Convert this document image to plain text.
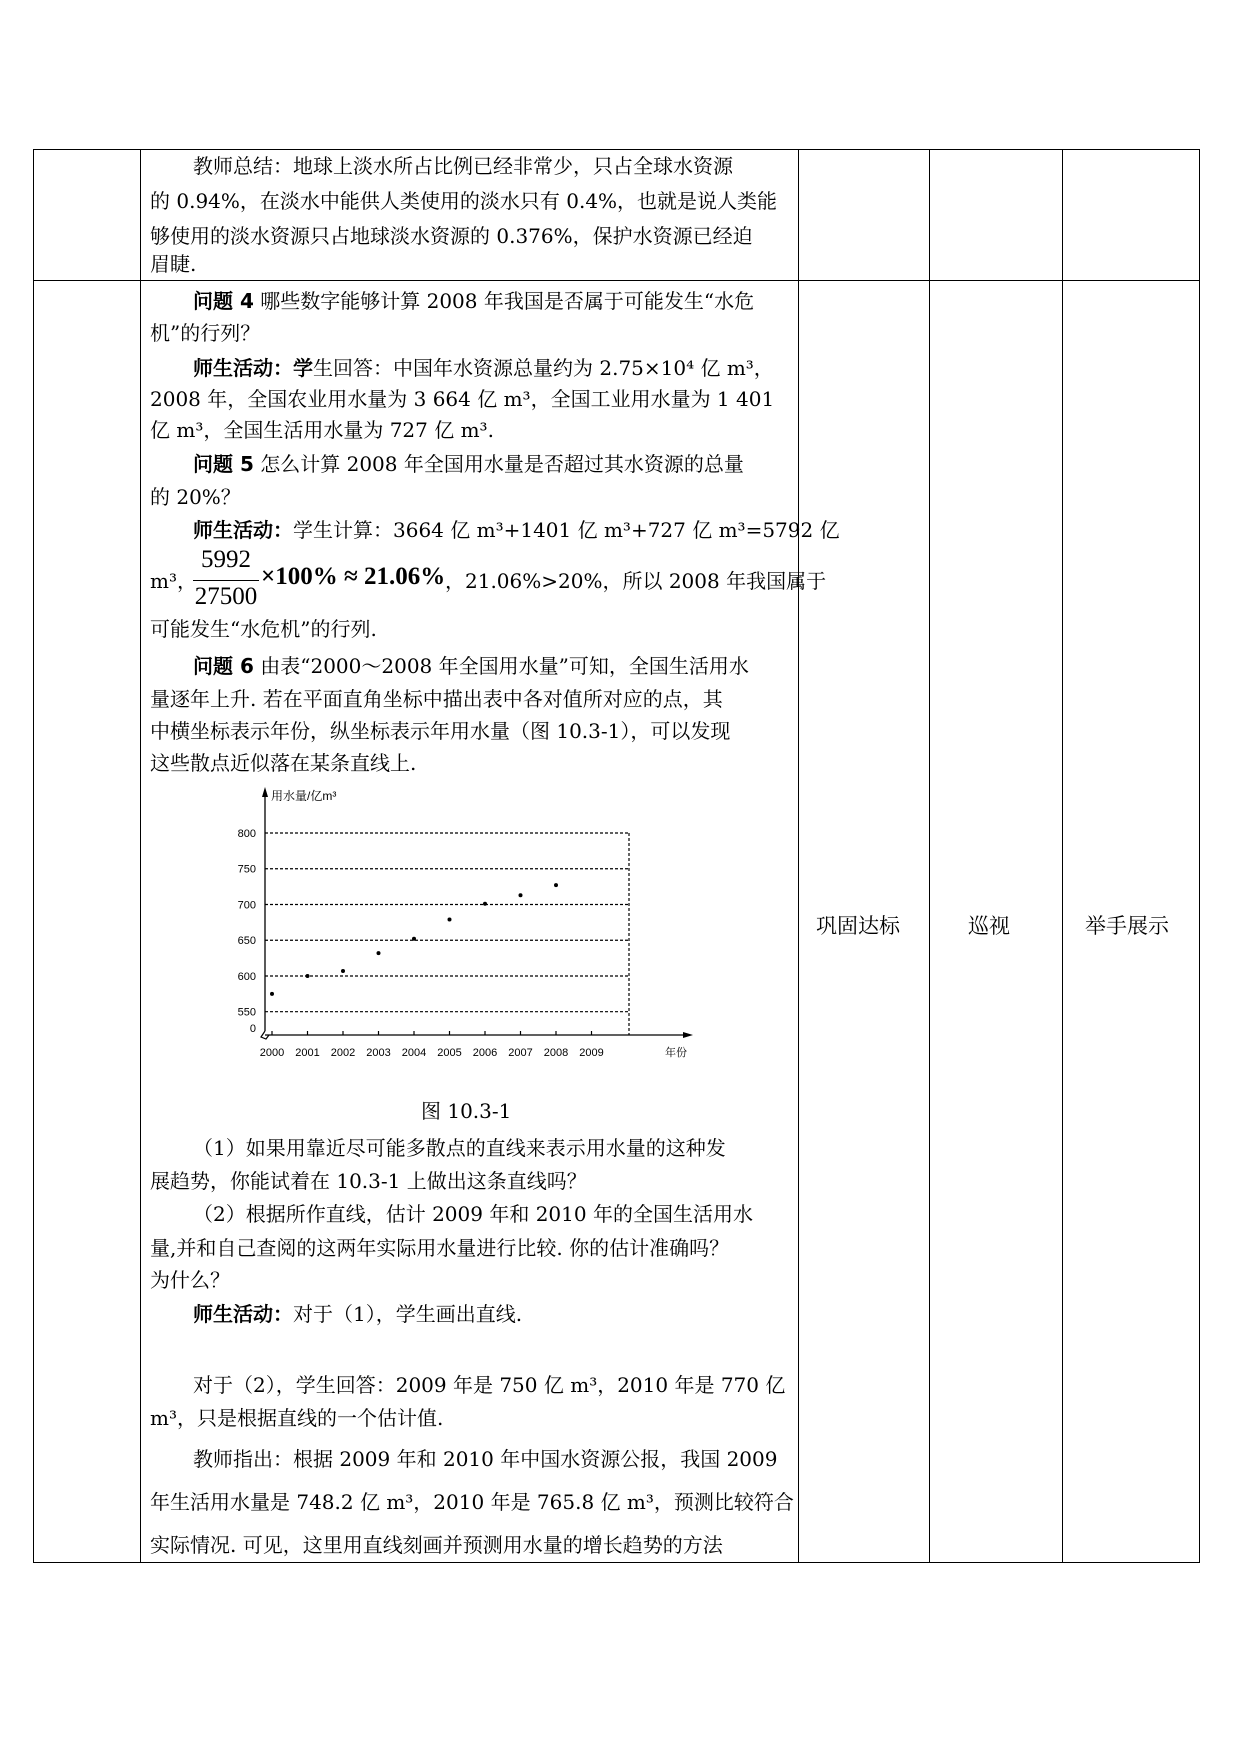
教师总结：地球上淡水所占比例已经非常少，只占全球水资源
的 0.94%，在淡水中能供人类使用的淡水只有 0.4%，也就是说人类能
够使用的淡水资源只占地球淡水资源的 0.376%，保护水资源已经迫
眉睫.
问题 4 哪些数字能够计算 2008 年我国是否属于可能发生“水危
机”的行列？
师生活动：学生回答：中国年水资源总量约为 2.75×10⁴ 亿 m³，
2008 年，全国农业用水量为 3 664 亿 m³，全国工业用水量为 1 401
亿 m³，全国生活用水量为 727 亿 m³.
问题 5 怎么计算 2008 年全国用水量是否超过其水资源的总量
的 20%？
师生活动：学生计算：3664 亿 m³+1401 亿 m³+727 亿 m³=5792 亿
m³，
5992
27500
×100% ≈ 21.06% ，21.06%>20%，所以 2008 年我国属于
可能发生“水危机”的行列.
问题 6 由表“2000～2008 年全国用水量”可知，全国生活用水
量逐年上升. 若在平面直角坐标中描出表中各对值所对应的点，其
中横坐标表示年份，纵坐标表示年用水量（图 10.3-1），可以发现
这些散点近似落在某条直线上.
800
750
700
650
600
550
0
2000 2001 2002 2003 2004 2005 2006 2007 2008 2009
用水量/亿m³
年份
图 10.3-1
（1）如果用靠近尽可能多散点的直线来表示用水量的这种发
展趋势，你能试着在 10.3-1 上做出这条直线吗？
（2）根据所作直线，估计 2009 年和 2010 年的全国生活用水
量,并和自己查阅的这两年实际用水量进行比较. 你的估计准确吗？
为什么？
师生活动：对于（1），学生画出直线.
对于（2），学生回答：2009 年是 750 亿 m³，2010 年是 770 亿
m³，只是根据直线的一个估计值.
教师指出：根据 2009 年和 2010 年中国水资源公报，我国 2009
年生活用水量是 748.2 亿 m³，2010 年是 765.8 亿 m³，预测比较符合
实际情况. 可见，这里用直线刻画并预测用水量的增长趋势的方法
巩固达标	巡视	举手展示
